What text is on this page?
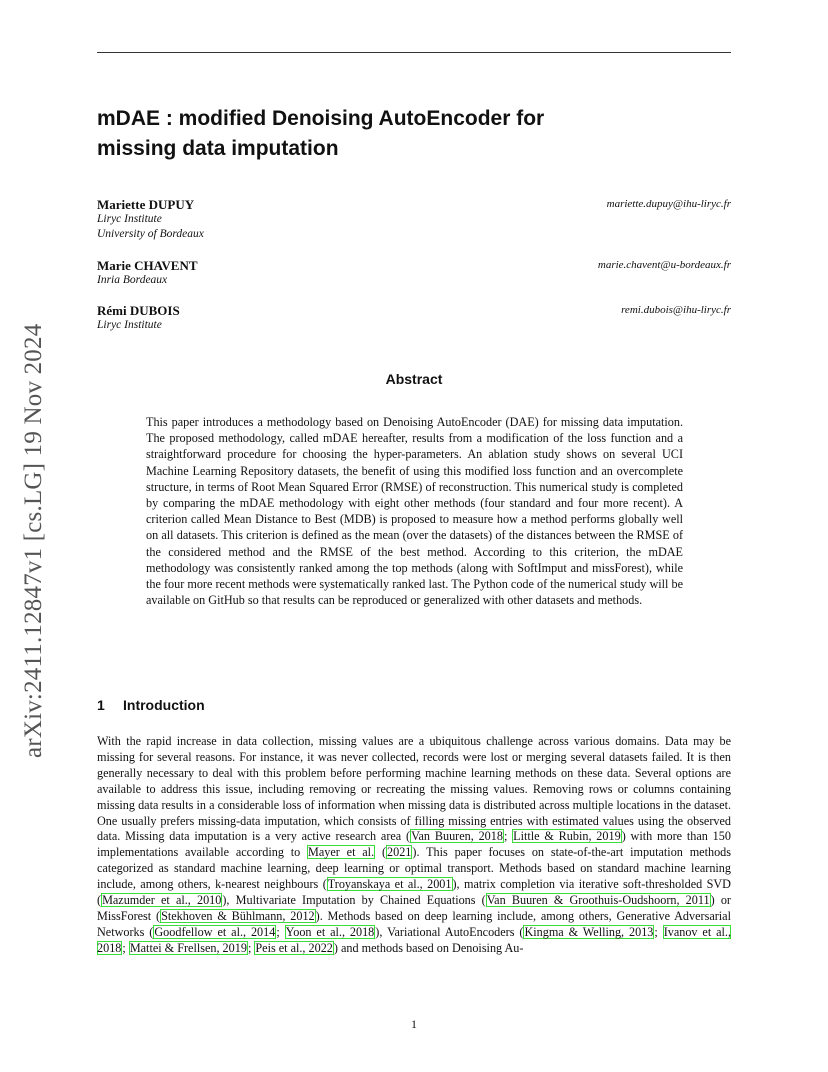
arXiv:2411.12847v1 [cs.LG] 19 Nov 2024
mDAE : modified Denoising AutoEncoder for
missing data imputation
Mariette DUPUY
Liryc Institute
University of Bordeaux
mariette.dupuy@ihu-liryc.fr
Marie CHAVENT
Inria Bordeaux
marie.chavent@u-bordeaux.fr
Rémi DUBOIS
Liryc Institute
remi.dubois@ihu-liryc.fr
Abstract
This paper introduces a methodology based on Denoising AutoEncoder (DAE) for missing data imputation. The proposed methodology, called mDAE hereafter, results from a modification of the loss function and a straightforward procedure for choosing the hyper-parameters. An ablation study shows on several UCI Machine Learning Repository datasets, the benefit of using this modified loss function and an overcomplete structure, in terms of Root Mean Squared Error (RMSE) of reconstruction. This numerical study is completed by comparing the mDAE methodology with eight other methods (four standard and four more recent). A criterion called Mean Distance to Best (MDB) is proposed to measure how a method performs globally well on all datasets. This criterion is defined as the mean (over the datasets) of the distances between the RMSE of the considered method and the RMSE of the best method. According to this criterion, the mDAE methodology was consistently ranked among the top methods (along with SoftImput and missForest), while the four more recent methods were systematically ranked last. The Python code of the numerical study will be available on GitHub so that results can be reproduced or generalized with other datasets and methods.
1 Introduction
With the rapid increase in data collection, missing values are a ubiquitous challenge across various domains. Data may be missing for several reasons. For instance, it was never collected, records were lost or merging several datasets failed. It is then generally necessary to deal with this problem before performing machine learning methods on these data. Several options are available to address this issue, including removing or recreating the missing values. Removing rows or columns containing missing data results in a considerable loss of information when missing data is distributed across multiple locations in the dataset. One usually prefers missing-data imputation, which consists of filling missing entries with estimated values using the observed data. Missing data imputation is a very active research area (Van Buuren, 2018; Little & Rubin, 2019) with more than 150 implementations available according to Mayer et al. (2021). This paper focuses on state-of-the-art imputation methods categorized as standard machine learning, deep learning or optimal transport. Methods based on standard machine learning include, among others, k-nearest neighbours (Troyanskaya et al., 2001), matrix completion via iterative soft-thresholded SVD (Mazumder et al., 2010), Multivariate Imputation by Chained Equations (Van Buuren & Groothuis-Oudshoorn, 2011) or MissForest (Stekhoven & Bühlmann, 2012). Methods based on deep learning include, among others, Generative Adversarial Networks (Goodfellow et al., 2014; Yoon et al., 2018), Variational AutoEncoders (Kingma & Welling, 2013; Ivanov et al., 2018; Mattei & Frellsen, 2019; Peis et al., 2022) and methods based on Denoising Au-
1
